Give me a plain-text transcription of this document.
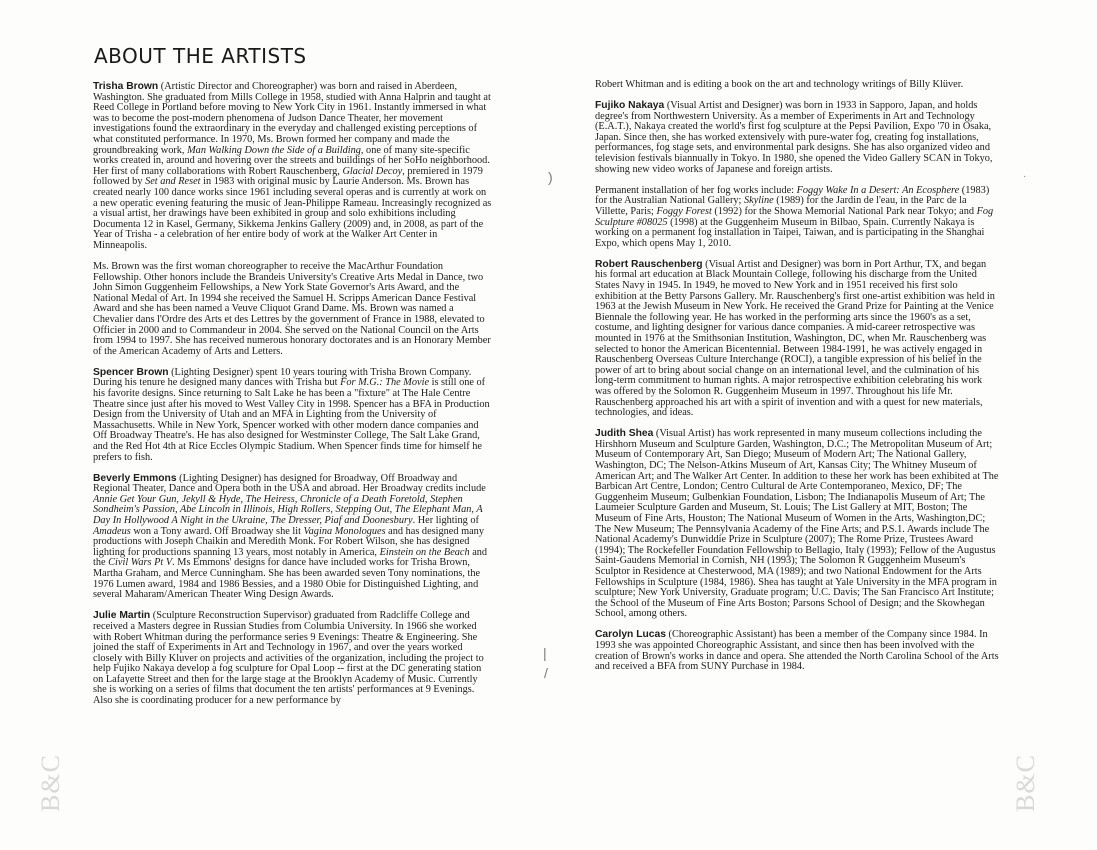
ABOUT THE ARTISTS

Trisha Brown (Artistic Director and Choreographer) was born and raised in Aberdeen, Washington. She graduated from Mills College in 1958, studied with Anna Halprin and taught at Reed College in Portland before moving to New York City in 1961. Instantly immersed in what was to become the post-modern phenomena of Judson Dance Theater, her movement investigations found the extraordinary in the everyday and challenged existing perceptions of what constituted performance. In 1970, Ms. Brown formed her company and made the groundbreaking work, Man Walking Down the Side of a Building, one of many site-specific works created in, around and hovering over the streets and buildings of her SoHo neighborhood. Her first of many collaborations with Robert Rauschenberg, Glacial Decoy, premiered in 1979 followed by Set and Reset in 1983 with original music by Laurie Anderson. Ms. Brown has created nearly 100 dance works since 1961 including several operas and is currently at work on a new operatic evening featuring the music of Jean-Philippe Rameau. Increasingly recognized as a visual artist, her drawings have been exhibited in group and solo exhibitions including Documenta 12 in Kasel, Germany, Sikkema Jenkins Gallery (2009) and, in 2008, as part of the Year of Trisha - a celebration of her entire body of work at the Walker Art Center in Minneapolis.

Ms. Brown was the first woman choreographer to receive the MacArthur Foundation Fellowship. Other honors include the Brandeis University's Creative Arts Medal in Dance, two John Simon Guggenheim Fellowships, a New York State Governor's Arts Award, and the National Medal of Art. In 1994 she received the Samuel H. Scripps American Dance Festival Award and she has been named a Veuve Cliquot Grand Dame. Ms. Brown was named a Chevalier dans l'Ordre des Arts et des Lettres by the government of France in 1988, elevated to Officier in 2000 and to Commandeur in 2004. She served on the National Council on the Arts from 1994 to 1997. She has received numerous honorary doctorates and is an Honorary Member of the American Academy of Arts and Letters.

Spencer Brown (Lighting Designer) spent 10 years touring with Trisha Brown Company. During his tenure he designed many dances with Trisha but For M.G.: The Movie is still one of his favorite designs. Since returning to Salt Lake he has been a "fixture" at The Hale Centre Theatre since just after his moved to West Valley City in 1998. Spencer has a BFA in Production Design from the University of Utah and an MFA in Lighting from the University of Massachusetts. While in New York, Spencer worked with other modern dance companies and Off Broadway Theatre's. He has also designed for Westminster College, The Salt Lake Grand, and the Red Hot 4th at Rice Eccles Olympic Stadium. When Spencer finds time for himself he prefers to fish.

Beverly Emmons (Lighting Designer) has designed for Broadway, Off Broadway and Regional Theater, Dance and Opera both in the USA and abroad. Her Broadway credits include Annie Get Your Gun, Jekyll & Hyde, The Heiress, Chronicle of a Death Foretold, Stephen Sondheim's Passion, Abe Lincoln in Illinois, High Rollers, Stepping Out, The Elephant Man, A Day In Hollywood A Night in the Ukraine, The Dresser, Piaf and Doonesbury. Her lighting of Amadeus won a Tony award. Off Broadway she lit Vagina Monologues and has designed many productions with Joseph Chaikin and Meredith Monk. For Robert Wilson, she has designed lighting for productions spanning 13 years, most notably in America, Einstein on the Beach and the Civil Wars Pt V. Ms Emmons' designs for dance have included works for Trisha Brown, Martha Graham, and Merce Cunningham. She has been awarded seven Tony nominations, the 1976 Lumen award, 1984 and 1986 Bessies, and a 1980 Obie for Distinguished Lighting, and several Maharam/American Theater Wing Design Awards.

Julie Martin (Sculpture Reconstruction Supervisor) graduated from Radcliffe College and received a Masters degree in Russian Studies from Columbia University. In 1966 she worked with Robert Whitman during the performance series 9 Evenings: Theatre & Engineering. She joined the staff of Experiments in Art and Technology in 1967, and over the years worked closely with Billy Kluver on projects and activities of the organization, including the project to help Fujiko Nakaya develop a fog sculpture for Opal Loop -- first at the DC generating station on Lafayette Street and then for the large stage at the Brooklyn Academy of Music. Currently she is working on a series of films that document the ten artists' performances at 9 Evenings. Also she is coordinating producer for a new performance by

Robert Whitman and is editing a book on the art and technology writings of Billy Klüver.

Fujiko Nakaya (Visual Artist and Designer) was born in 1933 in Sapporo, Japan, and holds degree's from Northwestern University. As a member of Experiments in Art and Technology (E.A.T.), Nakaya created the world's first fog sculpture at the Pepsi Pavilion, Expo '70 in Osaka, Japan. Since then, she has worked extensively with pure-water fog, creating fog installations, performances, fog stage sets, and environmental park designs. She has also organized video and television festivals biannually in Tokyo. In 1980, she opened the Video Gallery SCAN in Tokyo, showing new video works of Japanese and foreign artists.

Permanent installation of her fog works include: Foggy Wake In a Desert: An Ecosphere (1983) for the Australian National Gallery; Skyline (1989) for the Jardin de l'eau, in the Parc de la Villette, Paris; Foggy Forest (1992) for the Showa Memorial National Park near Tokyo; and Fog Sculpture #08025 (1998) at the Guggenheim Museum in Bilbao, Spain. Currently Nakaya is working on a permanent fog installation in Taipei, Taiwan, and is participating in the Shanghai Expo, which opens May 1, 2010.

Robert Rauschenberg (Visual Artist and Designer) was born in Port Arthur, TX, and began his formal art education at Black Mountain College, following his discharge from the United States Navy in 1945. In 1949, he moved to New York and in 1951 received his first solo exhibition at the Betty Parsons Gallery. Mr. Rauschenberg's first one-artist exhibition was held in 1963 at the Jewish Museum in New York. He received the Grand Prize for Painting at the Venice Biennale the following year. He has worked in the performing arts since the 1960's as a set, costume, and lighting designer for various dance companies. A mid-career retrospective was mounted in 1976 at the Smithsonian Institution, Washington, DC, when Mr. Rauschenberg was selected to honor the American Bicentennial. Between 1984-1991, he was actively engaged in Rauschenberg Overseas Culture Interchange (ROCI), a tangible expression of his belief in the power of art to bring about social change on an international level, and the culmination of his long-term commitment to human rights. A major retrospective exhibition celebrating his work was offered by the Solomon R. Guggenheim Museum in 1997. Throughout his life Mr. Rauschenberg approached his art with a spirit of invention and with a quest for new materials, technologies, and ideas.

Judith Shea (Visual Artist) has work represented in many museum collections including the Hirshhorn Museum and Sculpture Garden, Washington, D.C.; The Metropolitan Museum of Art; Museum of Contemporary Art, San Diego; Museum of Modern Art; The National Gallery, Washington, DC; The Nelson-Atkins Museum of Art, Kansas City; The Whitney Museum of American Art; and The Walker Art Center. In addition to these her work has been exhibited at The Barbican Art Centre, London; Centro Cultural de Arte Contemporaneo, Mexico, DF; The Guggenheim Museum; Gulbenkian Foundation, Lisbon; The Indianapolis Museum of Art; The Laumeier Sculpture Garden and Museum, St. Louis; The List Gallery at MIT, Boston; The Museum of Fine Arts, Houston; The National Museum of Women in the Arts, Washington,DC; The New Museum; The Pennsylvania Academy of the Fine Arts; and P.S.1. Awards include The National Academy's Dunwiddie Prize in Sculpture (2007); The Rome Prize, Trustees Award (1994); The Rockefeller Foundation Fellowship to Bellagio, Italy (1993); Fellow of the Augustus Saint-Gaudens Memorial in Cornish, NH (1993); The Solomon R Guggenheim Museum's Sculptor in Residence at Chesterwood, MA (1989); and two National Endowment for the Arts Fellowships in Sculpture (1984, 1986). Shea has taught at Yale University in the MFA program in sculpture; New York University, Graduate program; U.C. Davis; The San Francisco Art Institute; the School of the Museum of Fine Arts Boston; Parsons School of Design; and the Skowhegan School, among others.

Carolyn Lucas (Choreographic Assistant) has been a member of the Company since 1984. In 1993 she was appointed Choreographic Assistant, and since then has been involved with the creation of Brown's works in dance and opera. She attended the North Carolina School of the Arts and received a BFA from SUNY Purchase in 1984.

)
|
/
·
B&C	B&C
